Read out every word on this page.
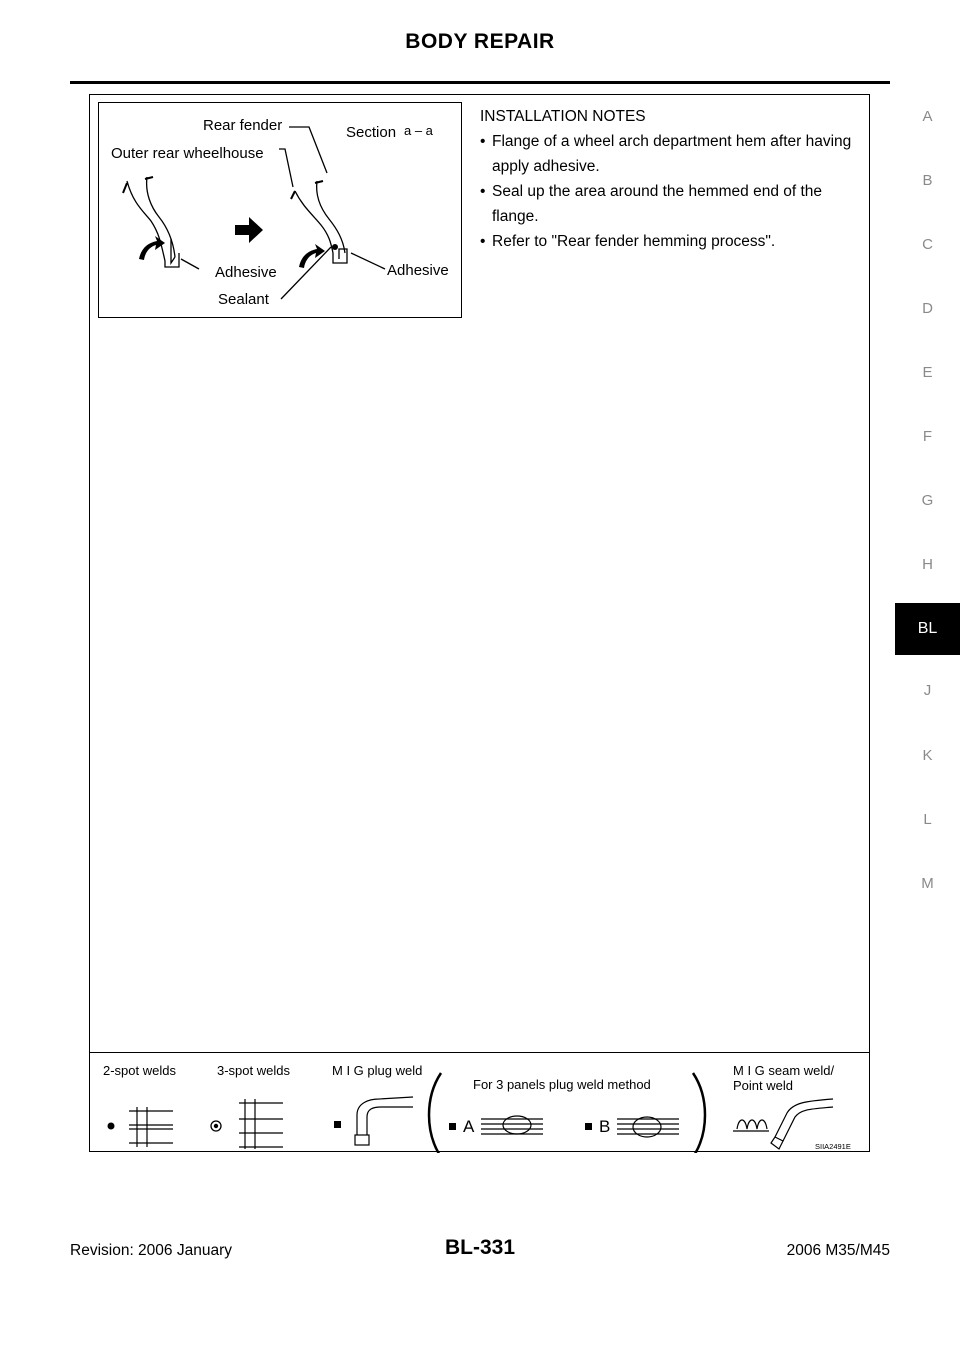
BODY REPAIR
Rear fender	Section a – a
Outer rear wheelhouse
Adhesive	Adhesive
Sealant
INSTALLATION NOTES
• Flange of a wheel arch department hem after having apply adhesive.
• Seal up the area around the hemmed end of the flange.
• Refer to "Rear fender hemming process".
2-spot welds	3-spot welds	M I G plug weld
For 3 panels plug weld method
M I G seam weld/
Point weld
A	B
SIIA2491E
A
B
C
D
E
F
G
H
BL
J
K
L
M
Revision: 2006 January	BL-331	2006 M35/M45
